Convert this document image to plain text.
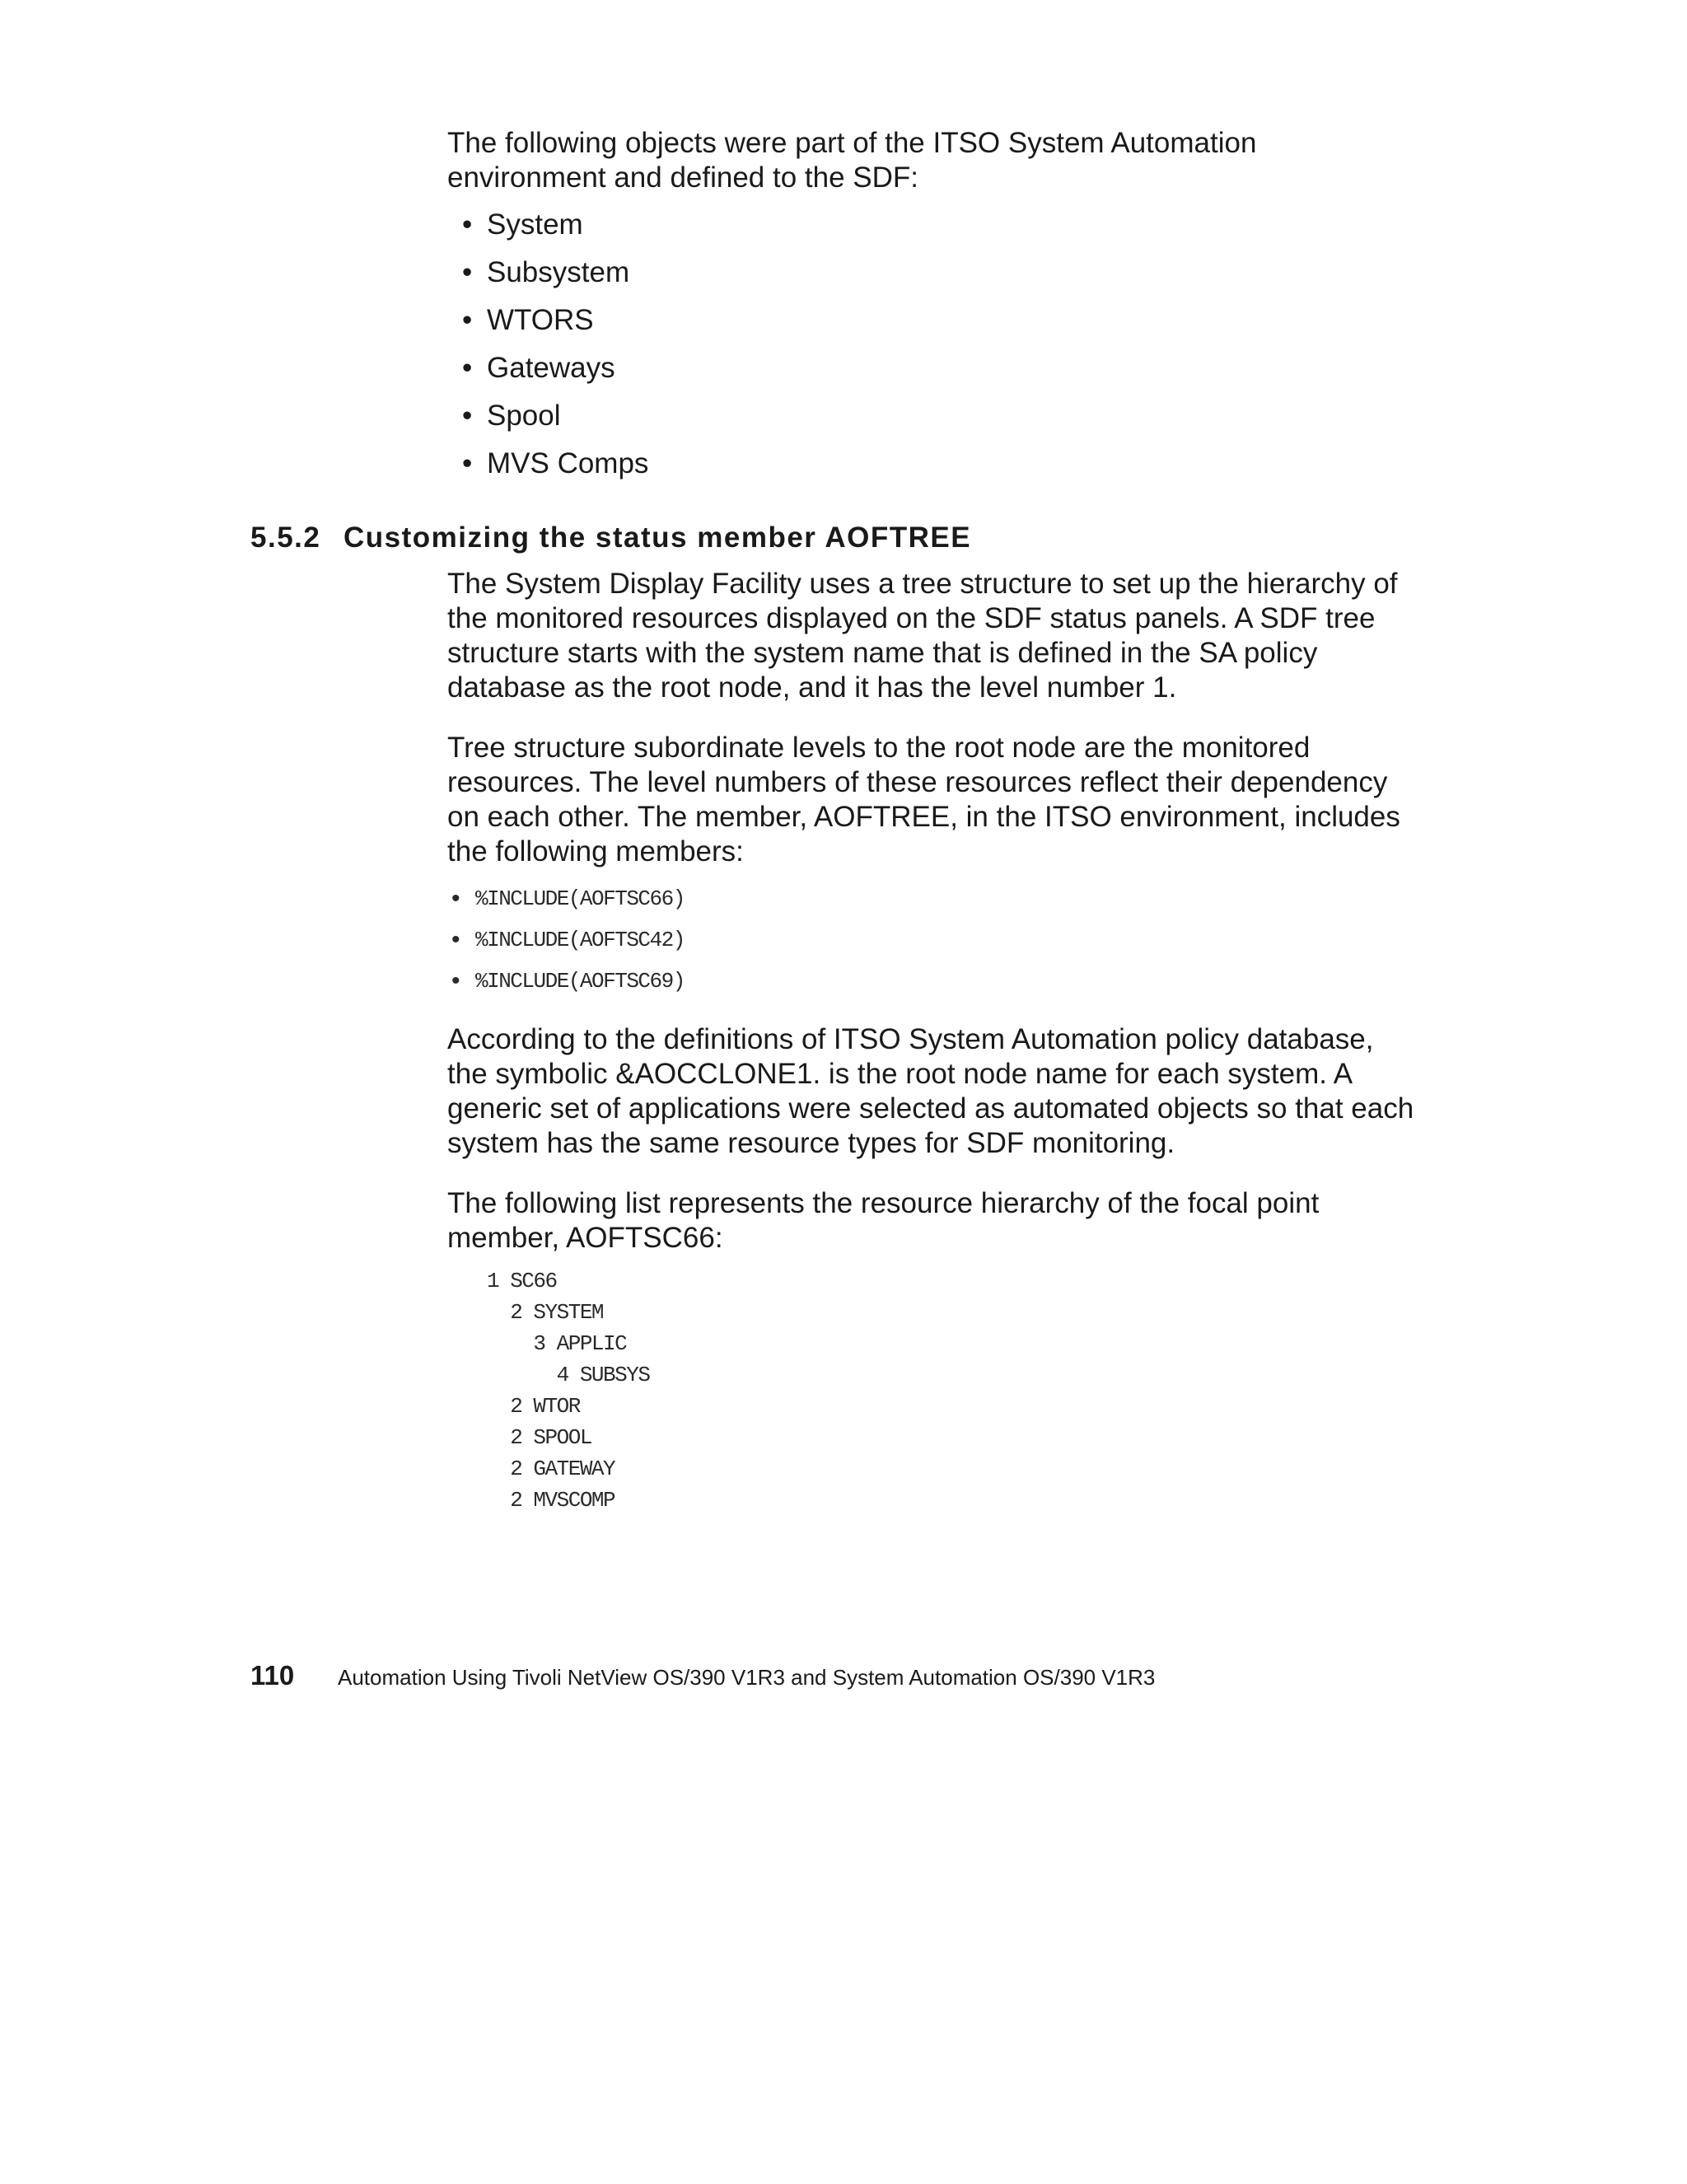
The following objects were part of the ITSO System Automation environment and defined to the SDF:

• System
• Subsystem
• WTORS
• Gateways
• Spool
• MVS Comps
5.5.2 Customizing the status member AOFTREE

The System Display Facility uses a tree structure to set up the hierarchy of the monitored resources displayed on the SDF status panels. A SDF tree structure starts with the system name that is defined in the SA policy database as the root node, and it has the level number 1.

Tree structure subordinate levels to the root node are the monitored resources. The level numbers of these resources reflect their dependency on each other. The member, AOFTREE, in the ITSO environment, includes the following members:

• %INCLUDE(AOFTSC66)
• %INCLUDE(AOFTSC42)
• %INCLUDE(AOFTSC69)

According to the definitions of ITSO System Automation policy database, the symbolic &AOCCLONE1. is the root node name for each system. A generic set of applications were selected as automated objects so that each system has the same resource types for SDF monitoring.

The following list represents the resource hierarchy of the focal point member, AOFTSC66:

1 SC66
2 SYSTEM
3 APPLIC
4 SUBSYS
2 WTOR
2 SPOOL
2 GATEWAY
2 MVSCOMP
110 Automation Using Tivoli NetView OS/390 V1R3 and System Automation OS/390 V1R3
